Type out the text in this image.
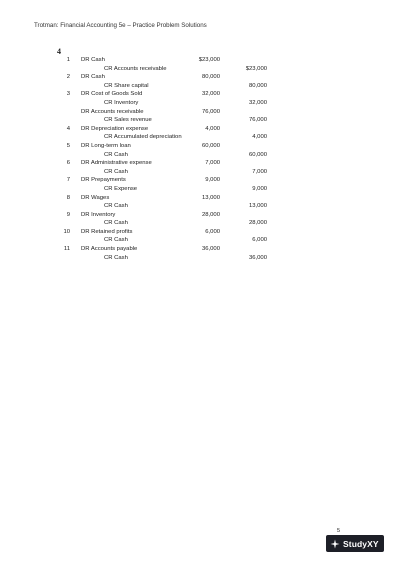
Trotman: Financial Accounting 5e – Practice Problem Solutions
4
1 DR Cash	$23,000
CR Accounts receivable	$23,000
2 DR Cash	80,000
CR Share capital	80,000
3 DR Cost of Goods Sold	32,000
CR Inventory	32,000
DR Accounts receivable	76,000
CR Sales revenue	76,000
4 DR Depreciation expense	4,000
CR Accumulated depreciation	4,000
5 DR Long-term loan	60,000
CR Cash	60,000
6 DR Administrative expense	7,000
CR Cash	7,000
7 DR Prepayments	9,000
CR Expense	9,000
8 DR Wages	13,000
CR Cash	13,000
9 DR Inventory	28,000
CR Cash	28,000
10 DR Retained profits	6,000
CR Cash	6,000
11 DR Accounts payable	36,000
CR Cash	36,000
5
StudyXY
